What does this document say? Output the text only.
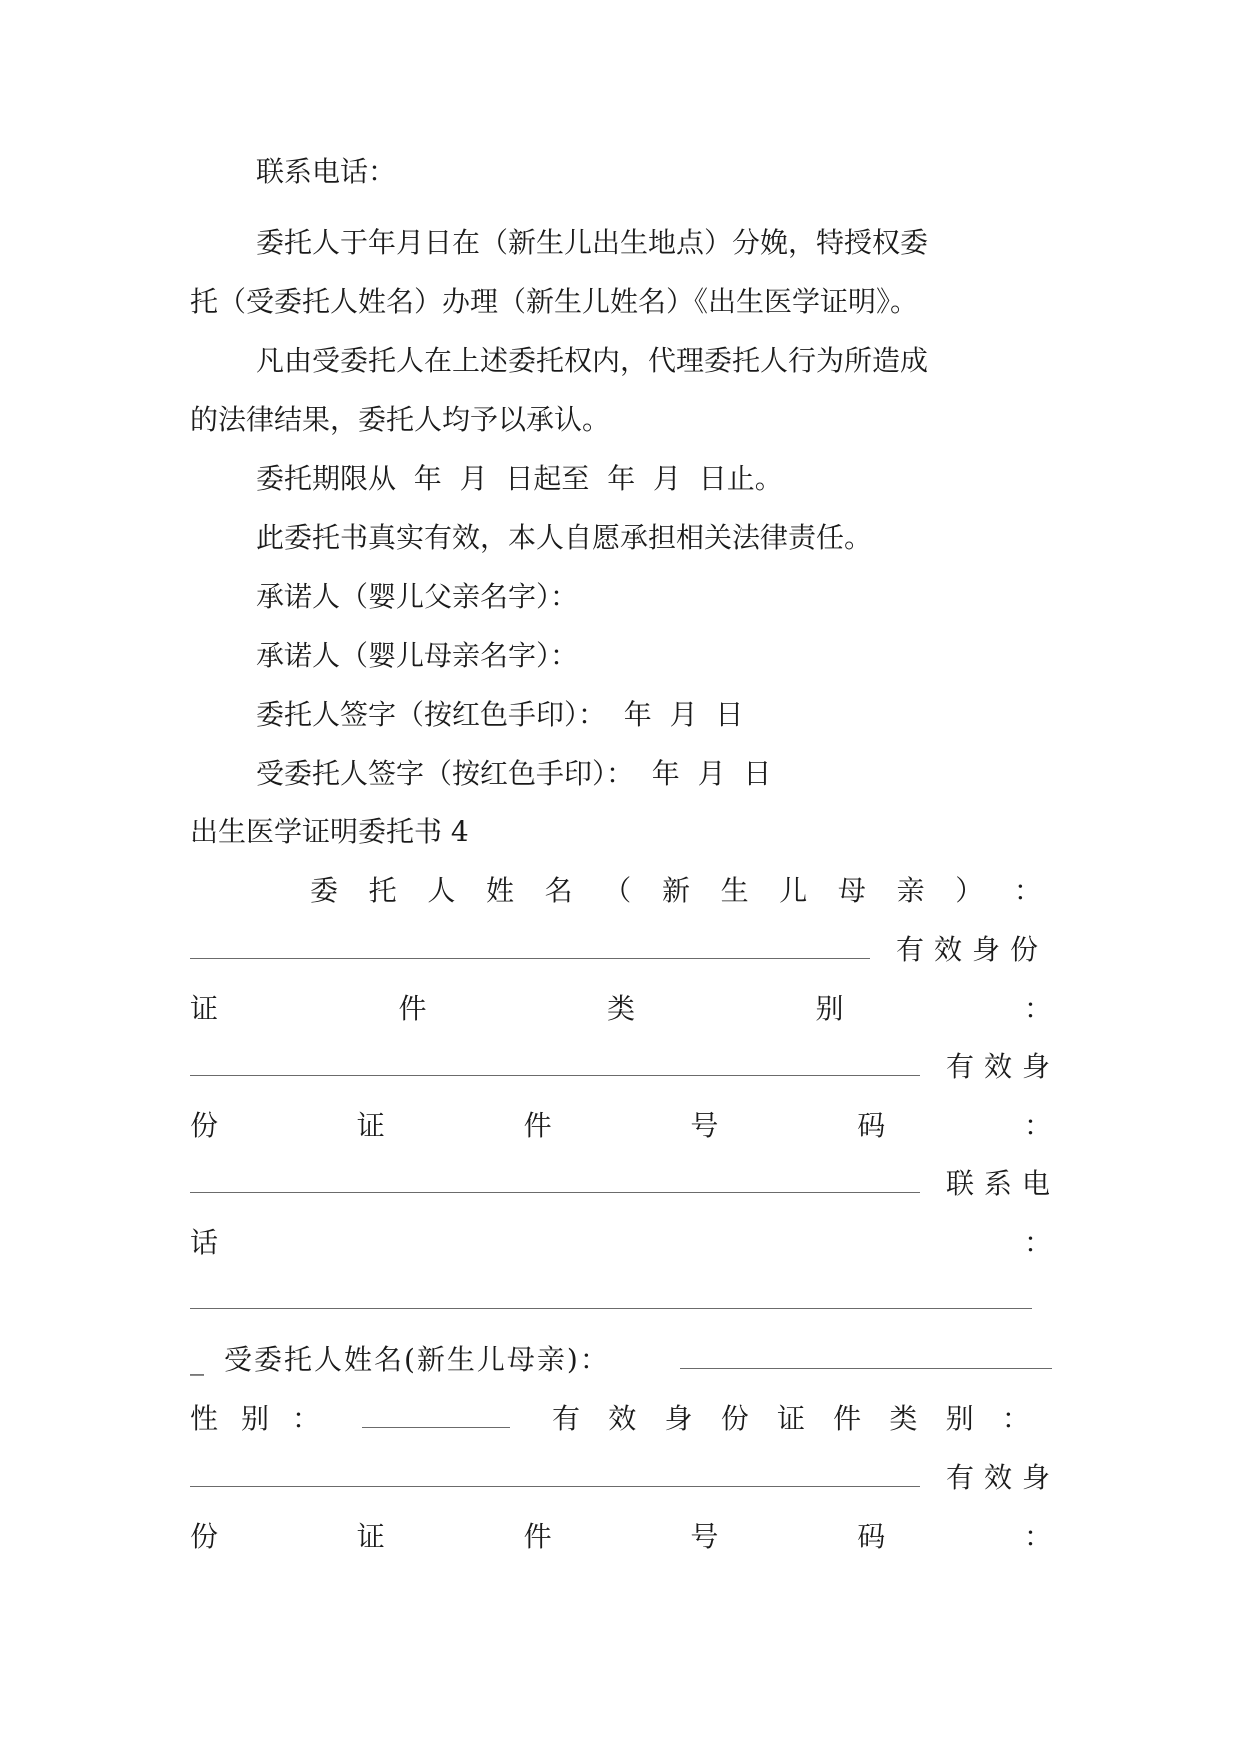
联系电话：
委托人于年月日在（新生儿出生地点）分娩，特授权委
托（受委托人姓名）办理（新生儿姓名）《出生医学证明》。
凡由受委托人在上述委托权内，代理委托人行为所造成
的法律结果，委托人均予以承认。
委托期限从  年  月  日起至  年  月  日止。
此委托书真实有效，本人自愿承担相关法律责任。
承诺人（婴儿父亲名字）：
承诺人（婴儿母亲名字）：
委托人签字（按红色手印）：  年  月  日
受委托人签字（按红色手印）：  年  月  日
出生医学证明委托书 4
委 托 人 姓 名 （ 新 生 儿 母 亲 ） ：
有效身份
证	件	类	别	：
有效身
份	证	件	号	码	：
联系电
话	：
_ 受委托人姓名(新生儿母亲)：
性 别 ：	有 效 身 份 证 件 类 别 ：
有效身
份	证	件	号	码	：
